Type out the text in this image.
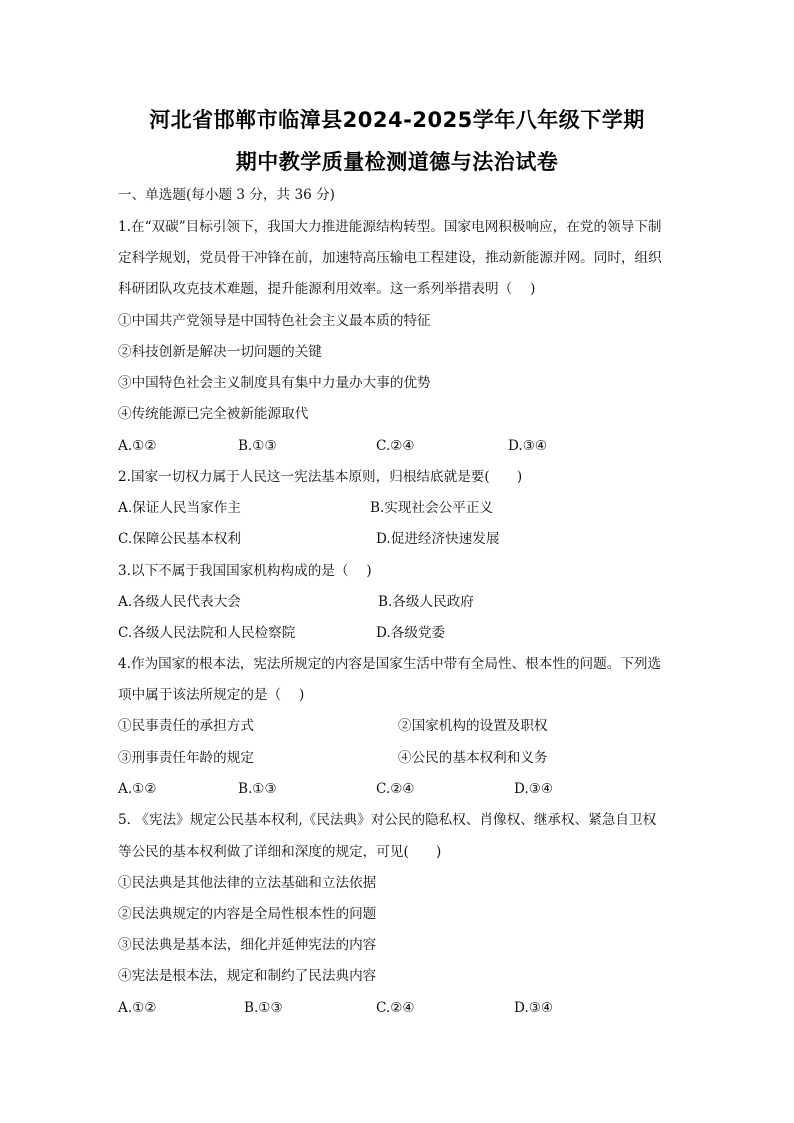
河北省邯郸市临漳县2024-2025学年八年级下学期
期中教学质量检测道德与法治试卷
一、单选题(每小题 3 分，共 36 分)
1.在“双碳”目标引领下，我国大力推进能源结构转型。国家电网积极响应，在党的领导下制
定科学规划，党员骨干冲锋在前，加速特高压输电工程建设，推动新能源并网。同时，组织
科研团队攻克技术难题，提升能源利用效率。这一系列举措表明（　 )
①中国共产党领导是中国特色社会主义最本质的特征
②科技创新是解决一切问题的关键
③中国特色社会主义制度具有集中力量办大事的优势
④传统能源已完全被新能源取代
A.①②	B.①③	C.②④	D.③④
2.国家一切权力属于人民这一宪法基本原则，归根结底就是要(　　)
A.保证人民当家作主	B.实现社会公平正义
C.保障公民基本权利	D.促进经济快速发展
3.以下不属于我国国家机构构成的是（　 )
A.各级人民代表大会	B.各级人民政府
C.各级人民法院和人民检察院	D.各级党委
4.作为国家的根本法，宪法所规定的内容是国家生活中带有全局性、根本性的问题。下列选
项中属于该法所规定的是（　 )
①民事责任的承担方式	②国家机构的设置及职权
③刑事责任年龄的规定	④公民的基本权利和义务
A.①②	B.①③	C.②④	D.③④
5. 《宪法》规定公民基本权利,《民法典》对公民的隐私权、肖像权、继承权、紧急自卫权
等公民的基本权利做了详细和深度的规定，可见(　　)
①民法典是其他法律的立法基础和立法依据
②民法典规定的内容是全局性根本性的问题
③民法典是基本法，细化并延伸宪法的内容
④宪法是根本法，规定和制约了民法典内容
A.①②	B.①③	C.②④	D.③④
